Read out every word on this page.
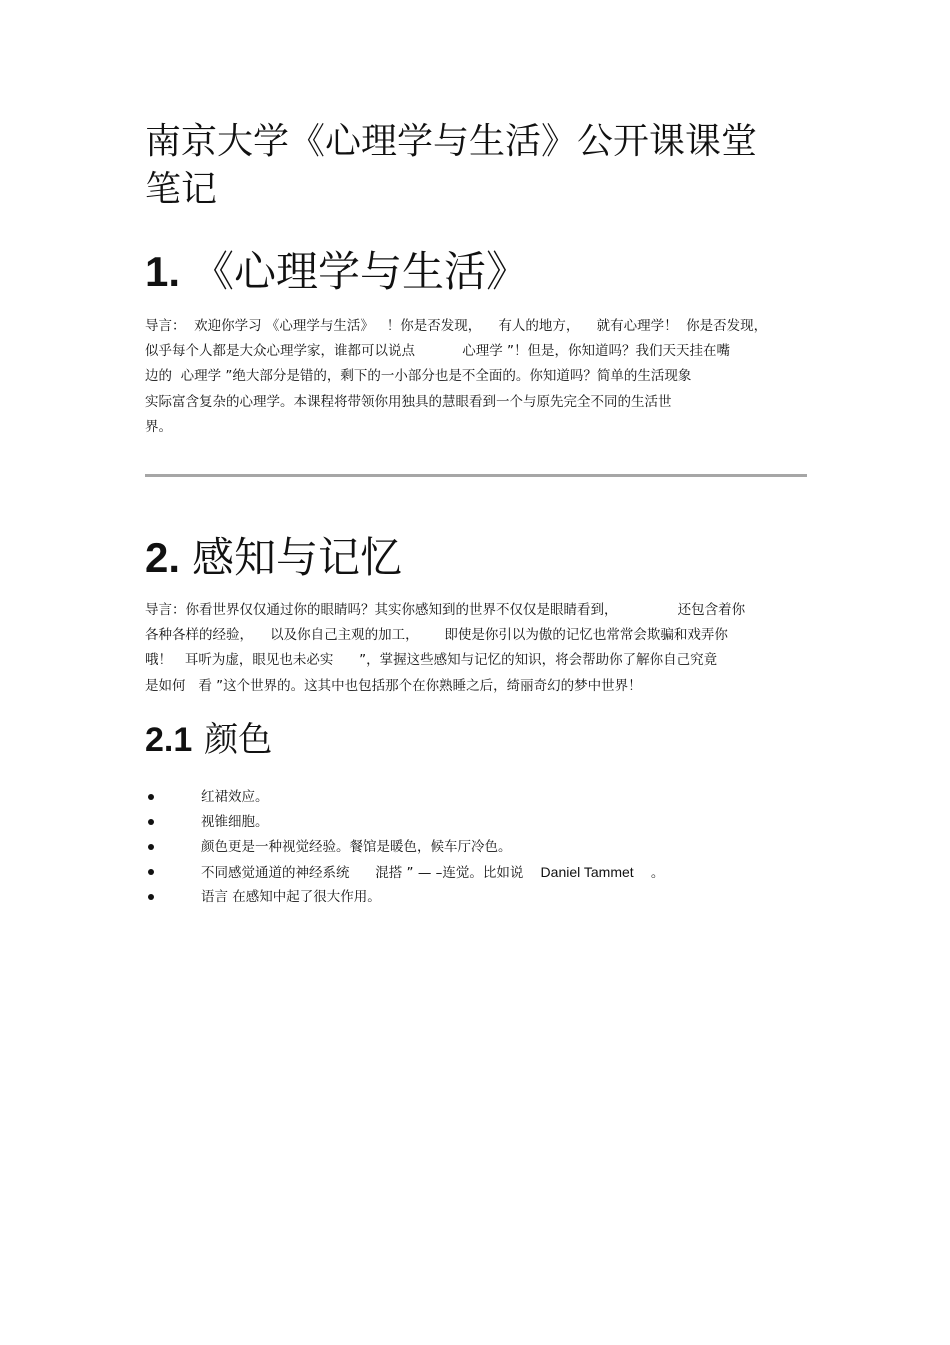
南京大学《心理学与生活》公开课课堂笔记
1. 《心理学与生活》

导言：  欢迎你学习 《心理学与生活》   ！你是否发现，    有人的地方，    就有心理学！  你是否发现，
似乎每个人都是大众心理学家，谁都可以说点           心理学 ”！但是，你知道吗？我们天天挂在嘴
边的  心理学 ”绝大部分是错的，剩下的一小部分也是不全面的。你知道吗？简单的生活现象
实际富含复杂的心理学。本课程将带领你用独具的慧眼看到一个与原先完全不同的生活世
界。

2. 感知与记忆

导言：你看世界仅仅通过你的眼睛吗？其实你感知到的世界不仅仅是眼睛看到，              还包含着你
各种各样的经验，    以及你自己主观的加工，      即使是你引以为傲的记忆也常常会欺骗和戏弄你
哦！   耳听为虚，眼见也未必实      ”，掌握这些感知与记忆的知识，将会帮助你了解你自己究竟
是如何   看 ”这个世界的。这其中也包括那个在你熟睡之后，绮丽奇幻的梦中世界！

2.1 颜色
红裙效应。
视锥细胞。
颜色更是一种视觉经验。餐馆是暖色，候车厅冷色。
不同感觉通道的神经系统      混搭 ” — –连觉。比如说 Daniel Tammet 。
语言 在感知中起了很大作用。
